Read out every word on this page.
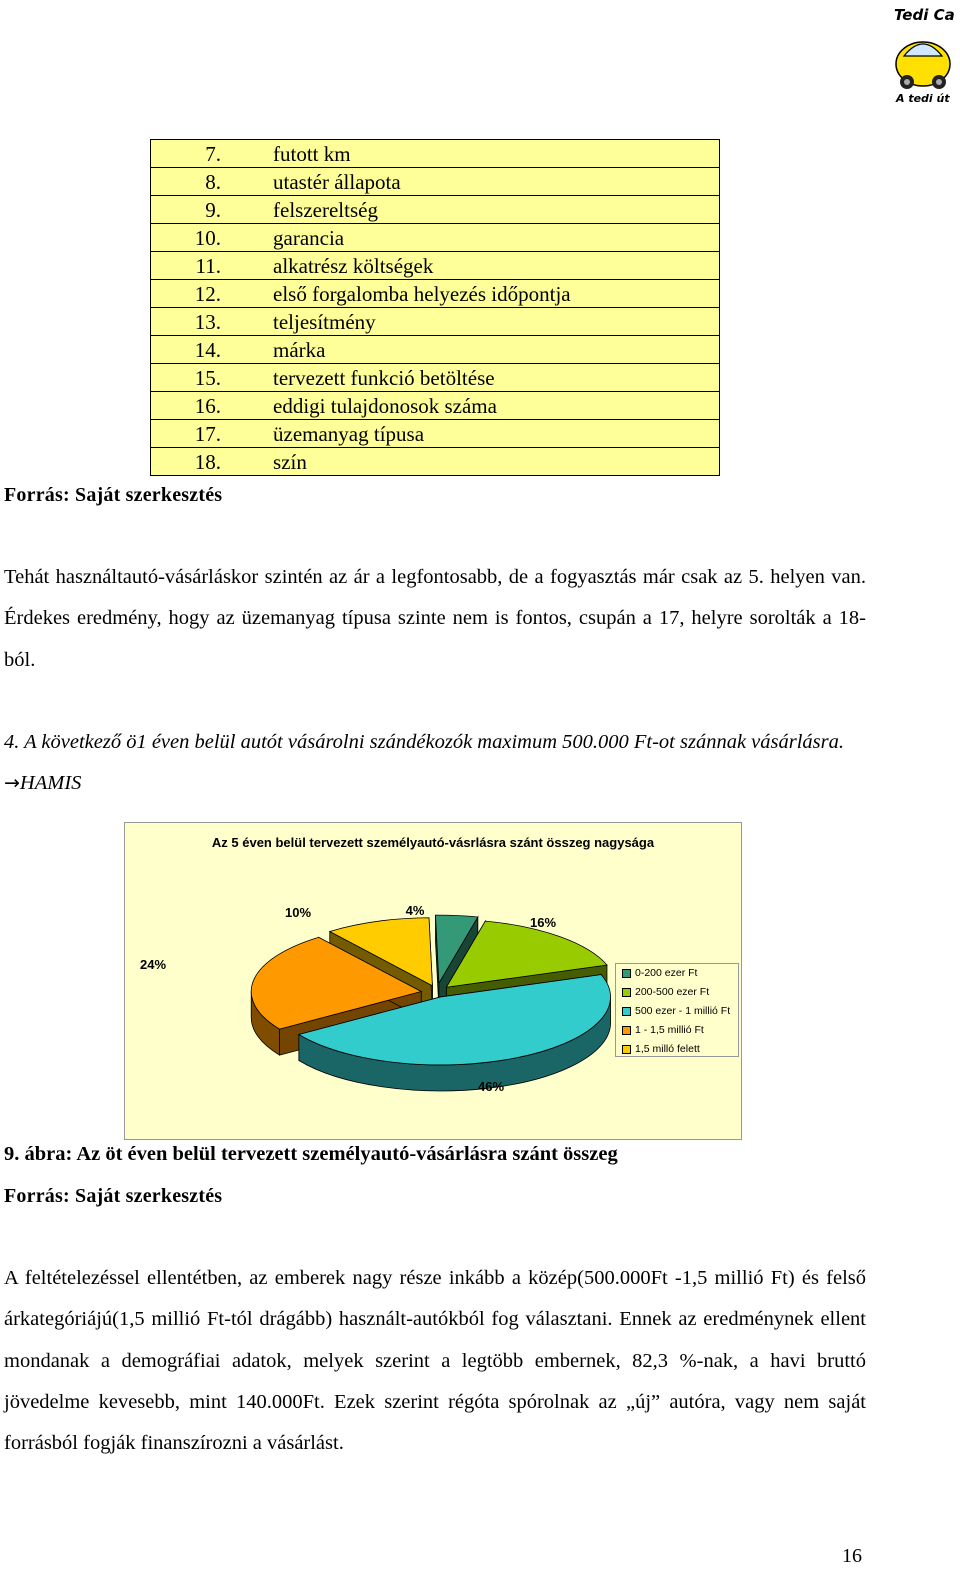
Tedi Ca
A tedi út
7.	futott km
8.	utastér állapota
9.	felszereltség
10.	garancia
11.	alkatrész költségek
12.	első forgalomba helyezés időpontja
13.	teljesítmény
14.	márka
15.	tervezett funkció betöltése
16.	eddigi tulajdonosok száma
17.	üzemanyag típusa
18.	szín
Forrás: Saját szerkesztés

Tehát használtautó-vásárláskor szintén az ár a legfontosabb, de a fogyasztás már csak az 5. helyen van. Érdekes eredmény, hogy az üzemanyag típusa szinte nem is fontos, csupán a 17, helyre sorolták a 18-ból.

4. A következő ö1 éven belül autót vásárolni szándékozók maximum 500.000 Ft-ot szánnak vásárlásra. →HAMIS

4%
16%
46%
24%
10%
Az 5 éven belül tervezett személyautó-vásrlásra szánt összeg nagysága
0-200 ezer Ft
200-500 ezer Ft
500 ezer - 1 millió Ft
1 - 1,5 millió Ft
1,5 milló felett
9. ábra: Az öt éven belül tervezett személyautó-vásárlásra szánt összeg
Forrás: Saját szerkesztés

A feltételezéssel ellentétben, az emberek nagy része inkább a közép(500.000Ft -1,5 millió Ft) és felső árkategóriájú(1,5 millió Ft-tól drágább) használt-autókból fog választani. Ennek az eredménynek ellent mondanak a demográfiai adatok, melyek szerint a legtöbb embernek, 82,3 %-nak, a havi bruttó jövedelme kevesebb, mint 140.000Ft. Ezek szerint régóta spórolnak az „új” autóra, vagy nem saját forrásból fogják finanszírozni a vásárlást.

16
